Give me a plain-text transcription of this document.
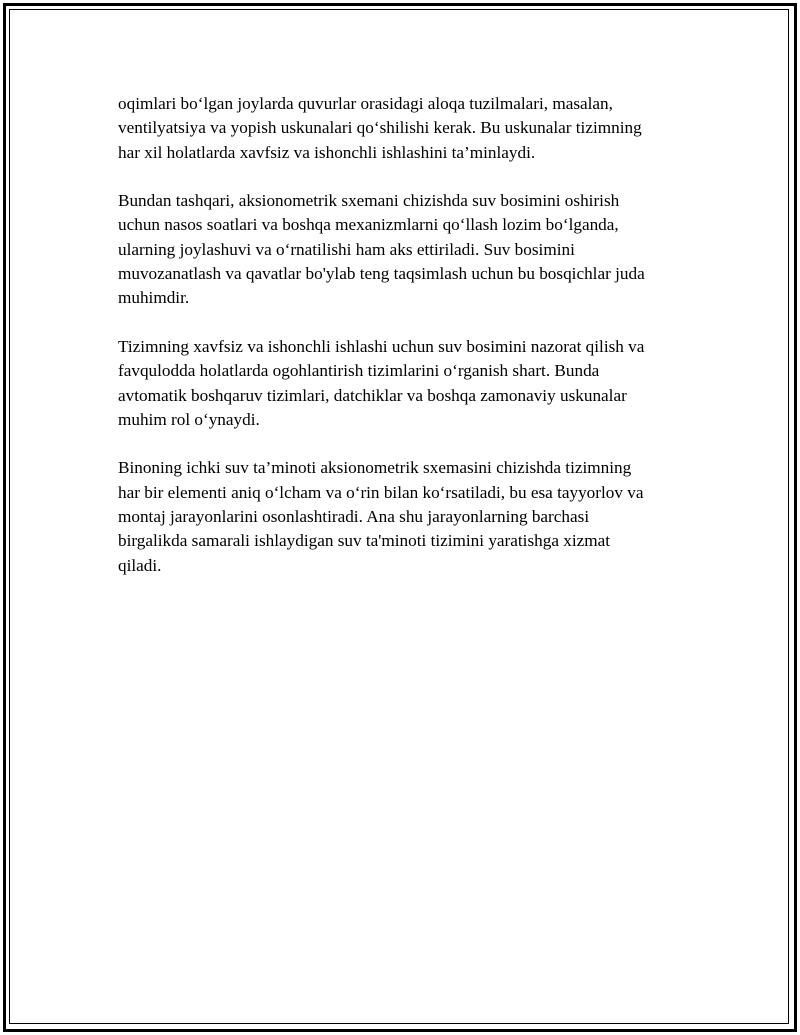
oqimlari bo‘lgan joylarda quvurlar orasidagi aloqa tuzilmalari, masalan,
ventilyatsiya va yopish uskunalari qo‘shilishi kerak. Bu uskunalar tizimning
har xil holatlarda xavfsiz va ishonchli ishlashini ta’minlaydi.

Bundan tashqari, aksionometrik sxemani chizishda suv bosimini oshirish
uchun nasos soatlari va boshqa mexanizmlarni qo‘llash lozim bo‘lganda,
ularning joylashuvi va o‘rnatilishi ham aks ettiriladi. Suv bosimini
muvozanatlash va qavatlar bo'ylab teng taqsimlash uchun bu bosqichlar juda
muhimdir.

Tizimning xavfsiz va ishonchli ishlashi uchun suv bosimini nazorat qilish va
favqulodda holatlarda ogohlantirish tizimlarini o‘rganish shart. Bunda
avtomatik boshqaruv tizimlari, datchiklar va boshqa zamonaviy uskunalar
muhim rol o‘ynaydi.

Binoning ichki suv ta’minoti aksionometrik sxemasini chizishda tizimning
har bir elementi aniq o‘lcham va o‘rin bilan ko‘rsatiladi, bu esa tayyorlov va
montaj jarayonlarini osonlashtiradi. Ana shu jarayonlarning barchasi
birgalikda samarali ishlaydigan suv ta'minoti tizimini yaratishga xizmat
qiladi.
